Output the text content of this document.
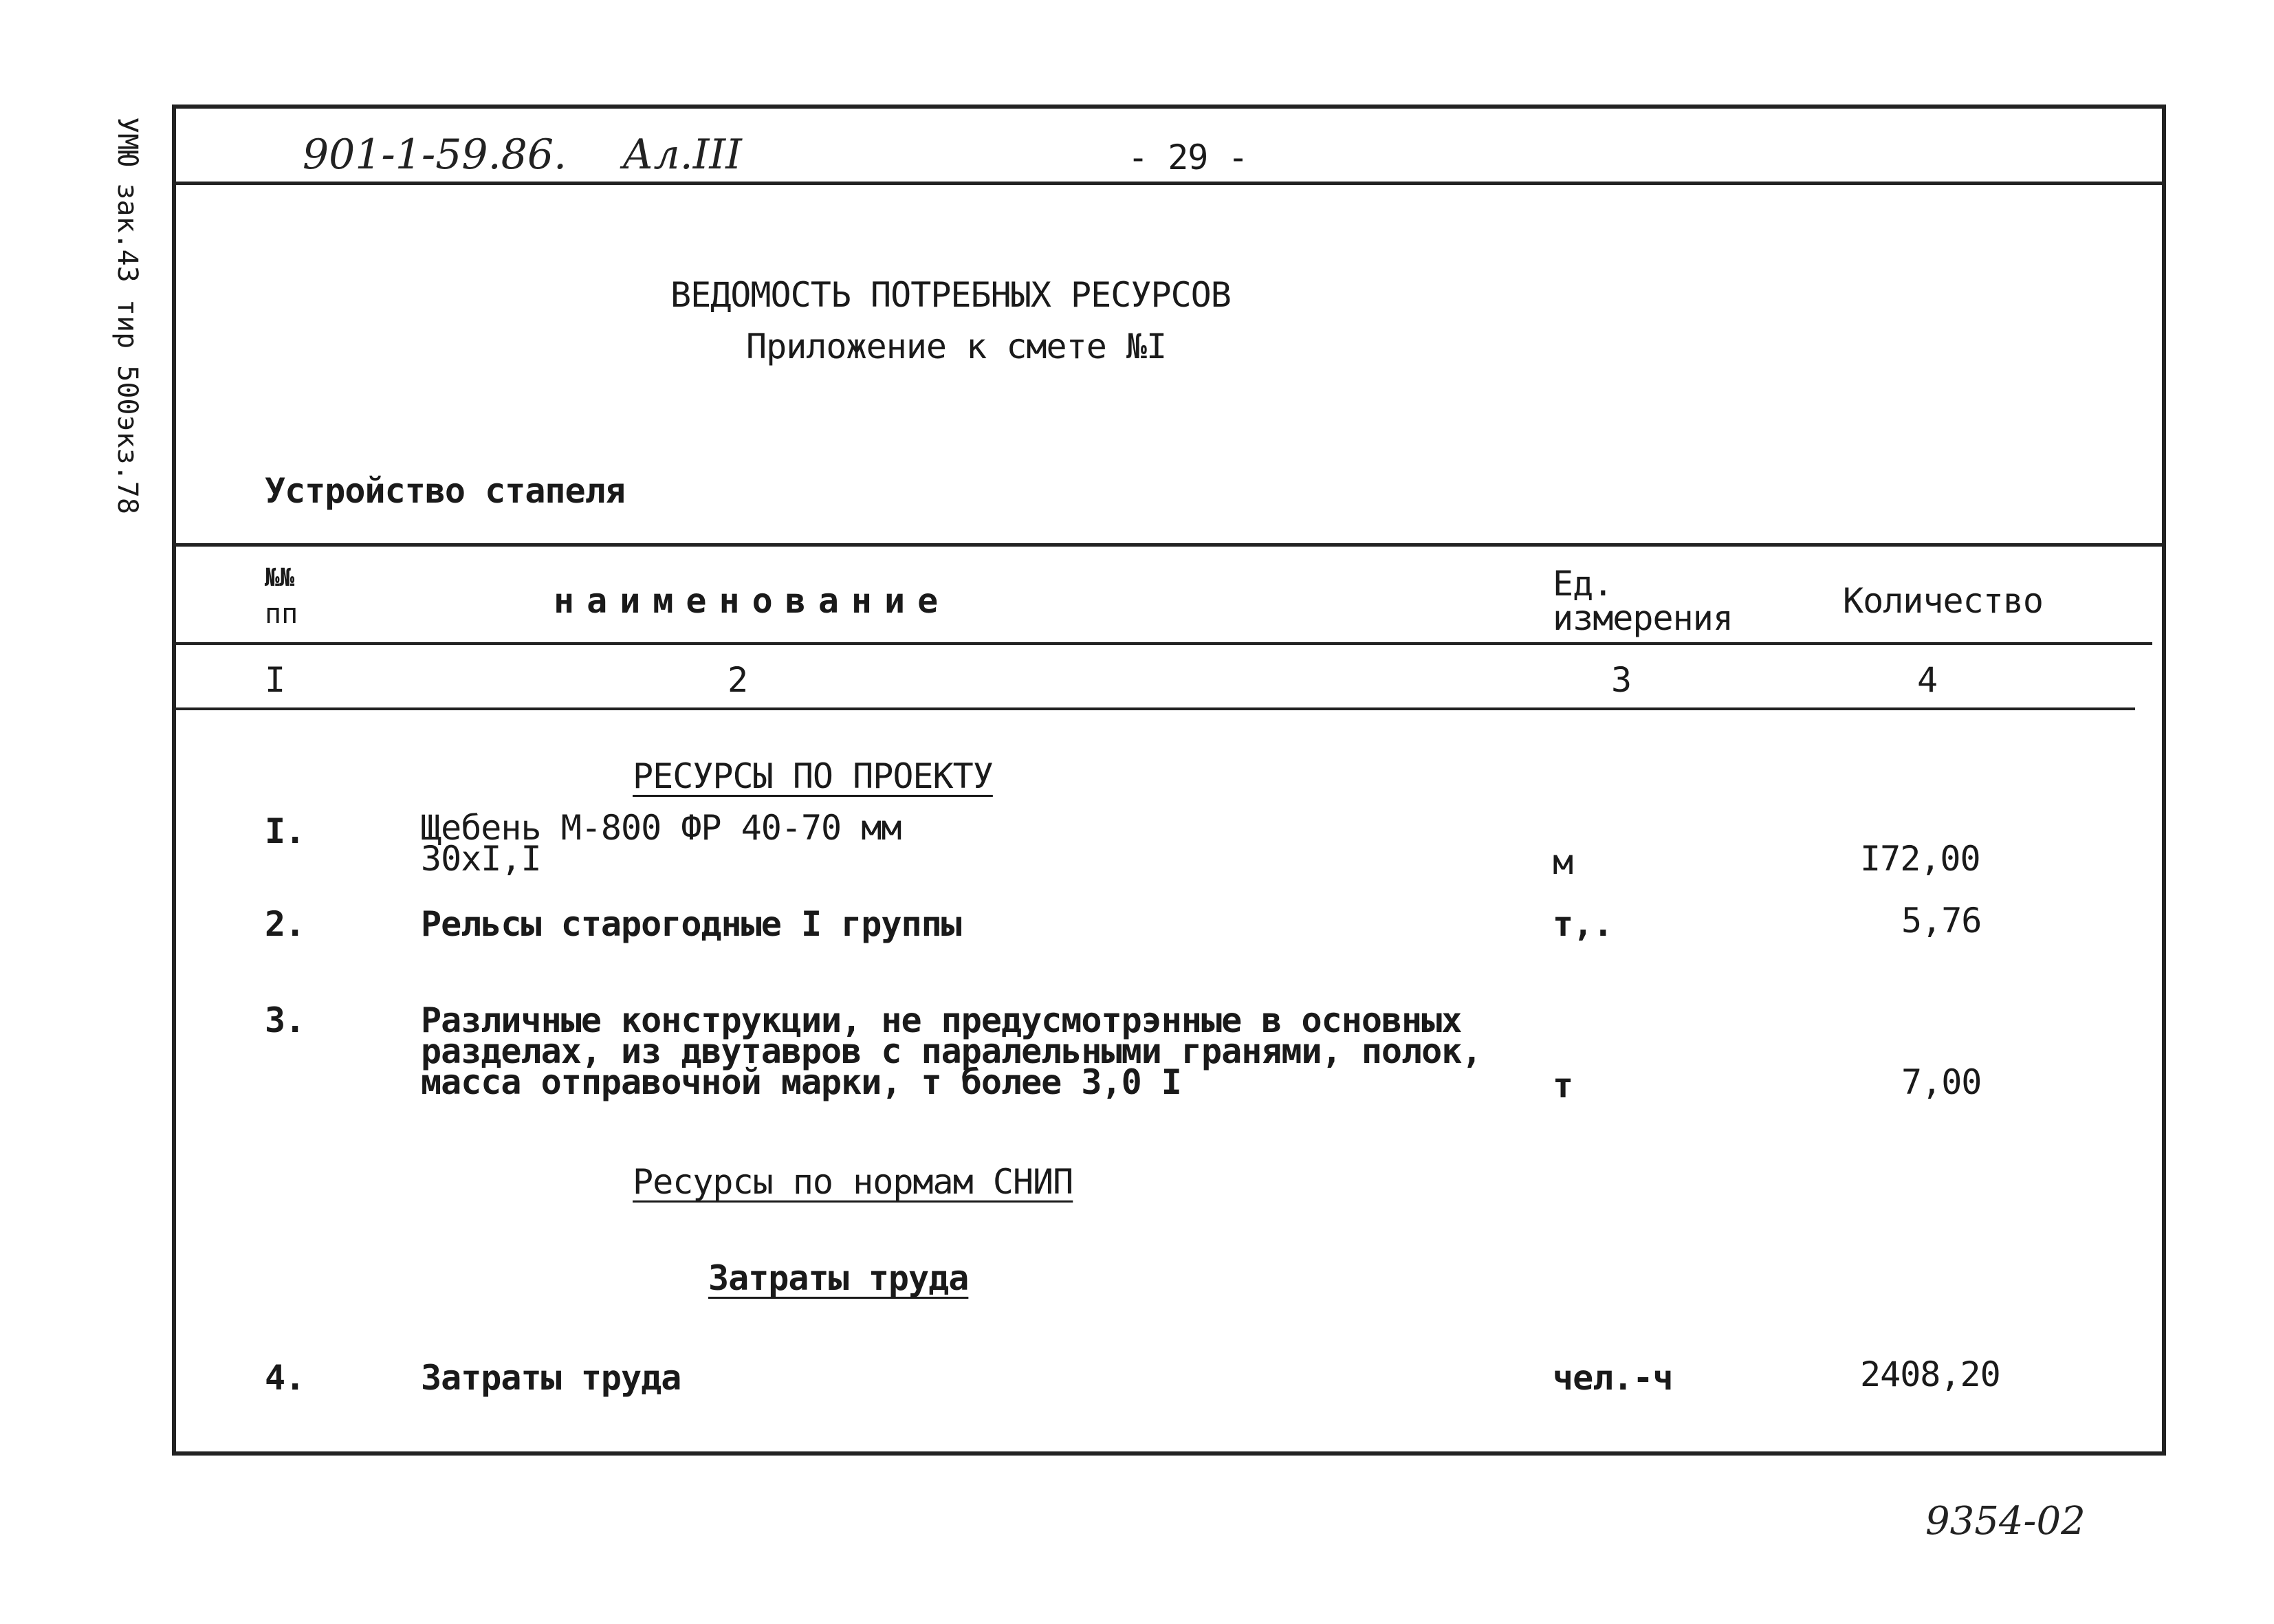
УМЮ зак.43 тир 500экз.78	901-1-59.86. Ал.III	- 29 -
ВЕДОМОСТЬ ПОТРЕБНЫХ РЕСУРСОВ
Приложение к смете №I
Устройство стапеля
№№
пп	наименование	Ед.
измерения	Количество
I	2	3	4
РЕСУРСЫ ПО ПРОЕКТУ
I.	Щебень М-800 ФР 40-70 мм
30хI,I	м	I72,00
2.	Рельсы старогодные I группы	т,.	5,76
3.	Различные конструкции, не предусмотрэнные в основных
разделах, из двутавров с паралельными гранями, полок,
масса отправочной марки, т более 3,0 I	т	7,00
Ресурсы по нормам СНИП
Затраты труда
4.	Затраты труда	чел.-ч	2408,20
9354-02
